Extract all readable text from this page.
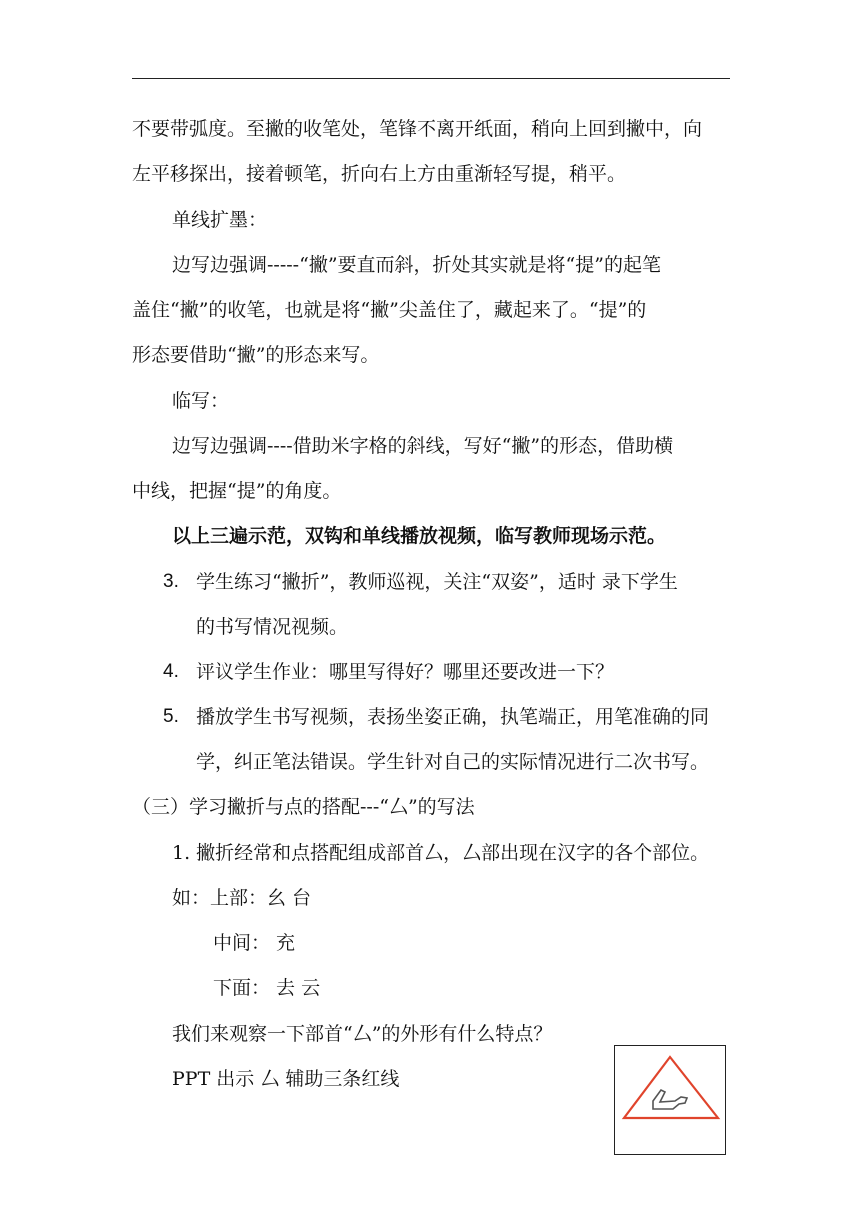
不要带弧度。至撇的收笔处，笔锋不离开纸面，稍向上回到撇中，向
左平移探出，接着顿笔，折向右上方由重渐轻写提，稍平。
单线扩墨：
边写边强调-----“撇”要直而斜，折处其实就是将“提”的起笔
盖住“撇”的收笔，也就是将“撇”尖盖住了，藏起来了。“提”的
形态要借助“撇”的形态来写。
临写：
边写边强调----借助米字格的斜线，写好“撇”的形态，借助横
中线，把握“提”的角度。
以上三遍示范，双钩和单线播放视频，临写教师现场示范。
3. 学生练习“撇折”，教师巡视，关注“双姿”，适时 录下学生
的书写情况视频。
4. 评议学生作业：哪里写得好？哪里还要改进一下？
5. 播放学生书写视频，表扬坐姿正确，执笔端正，用笔准确的同
学，纠正笔法错误。学生针对自己的实际情况进行二次书写。
（三）学习撇折与点的搭配---“厶”的写法
1. 撇折经常和点搭配组成部首厶，厶部出现在汉字的各个部位。
如：上部：幺 台
中间： 充
下面： 去 云
我们来观察一下部首“厶”的外形有什么特点？
PPT 出示 厶 辅助三条红线
